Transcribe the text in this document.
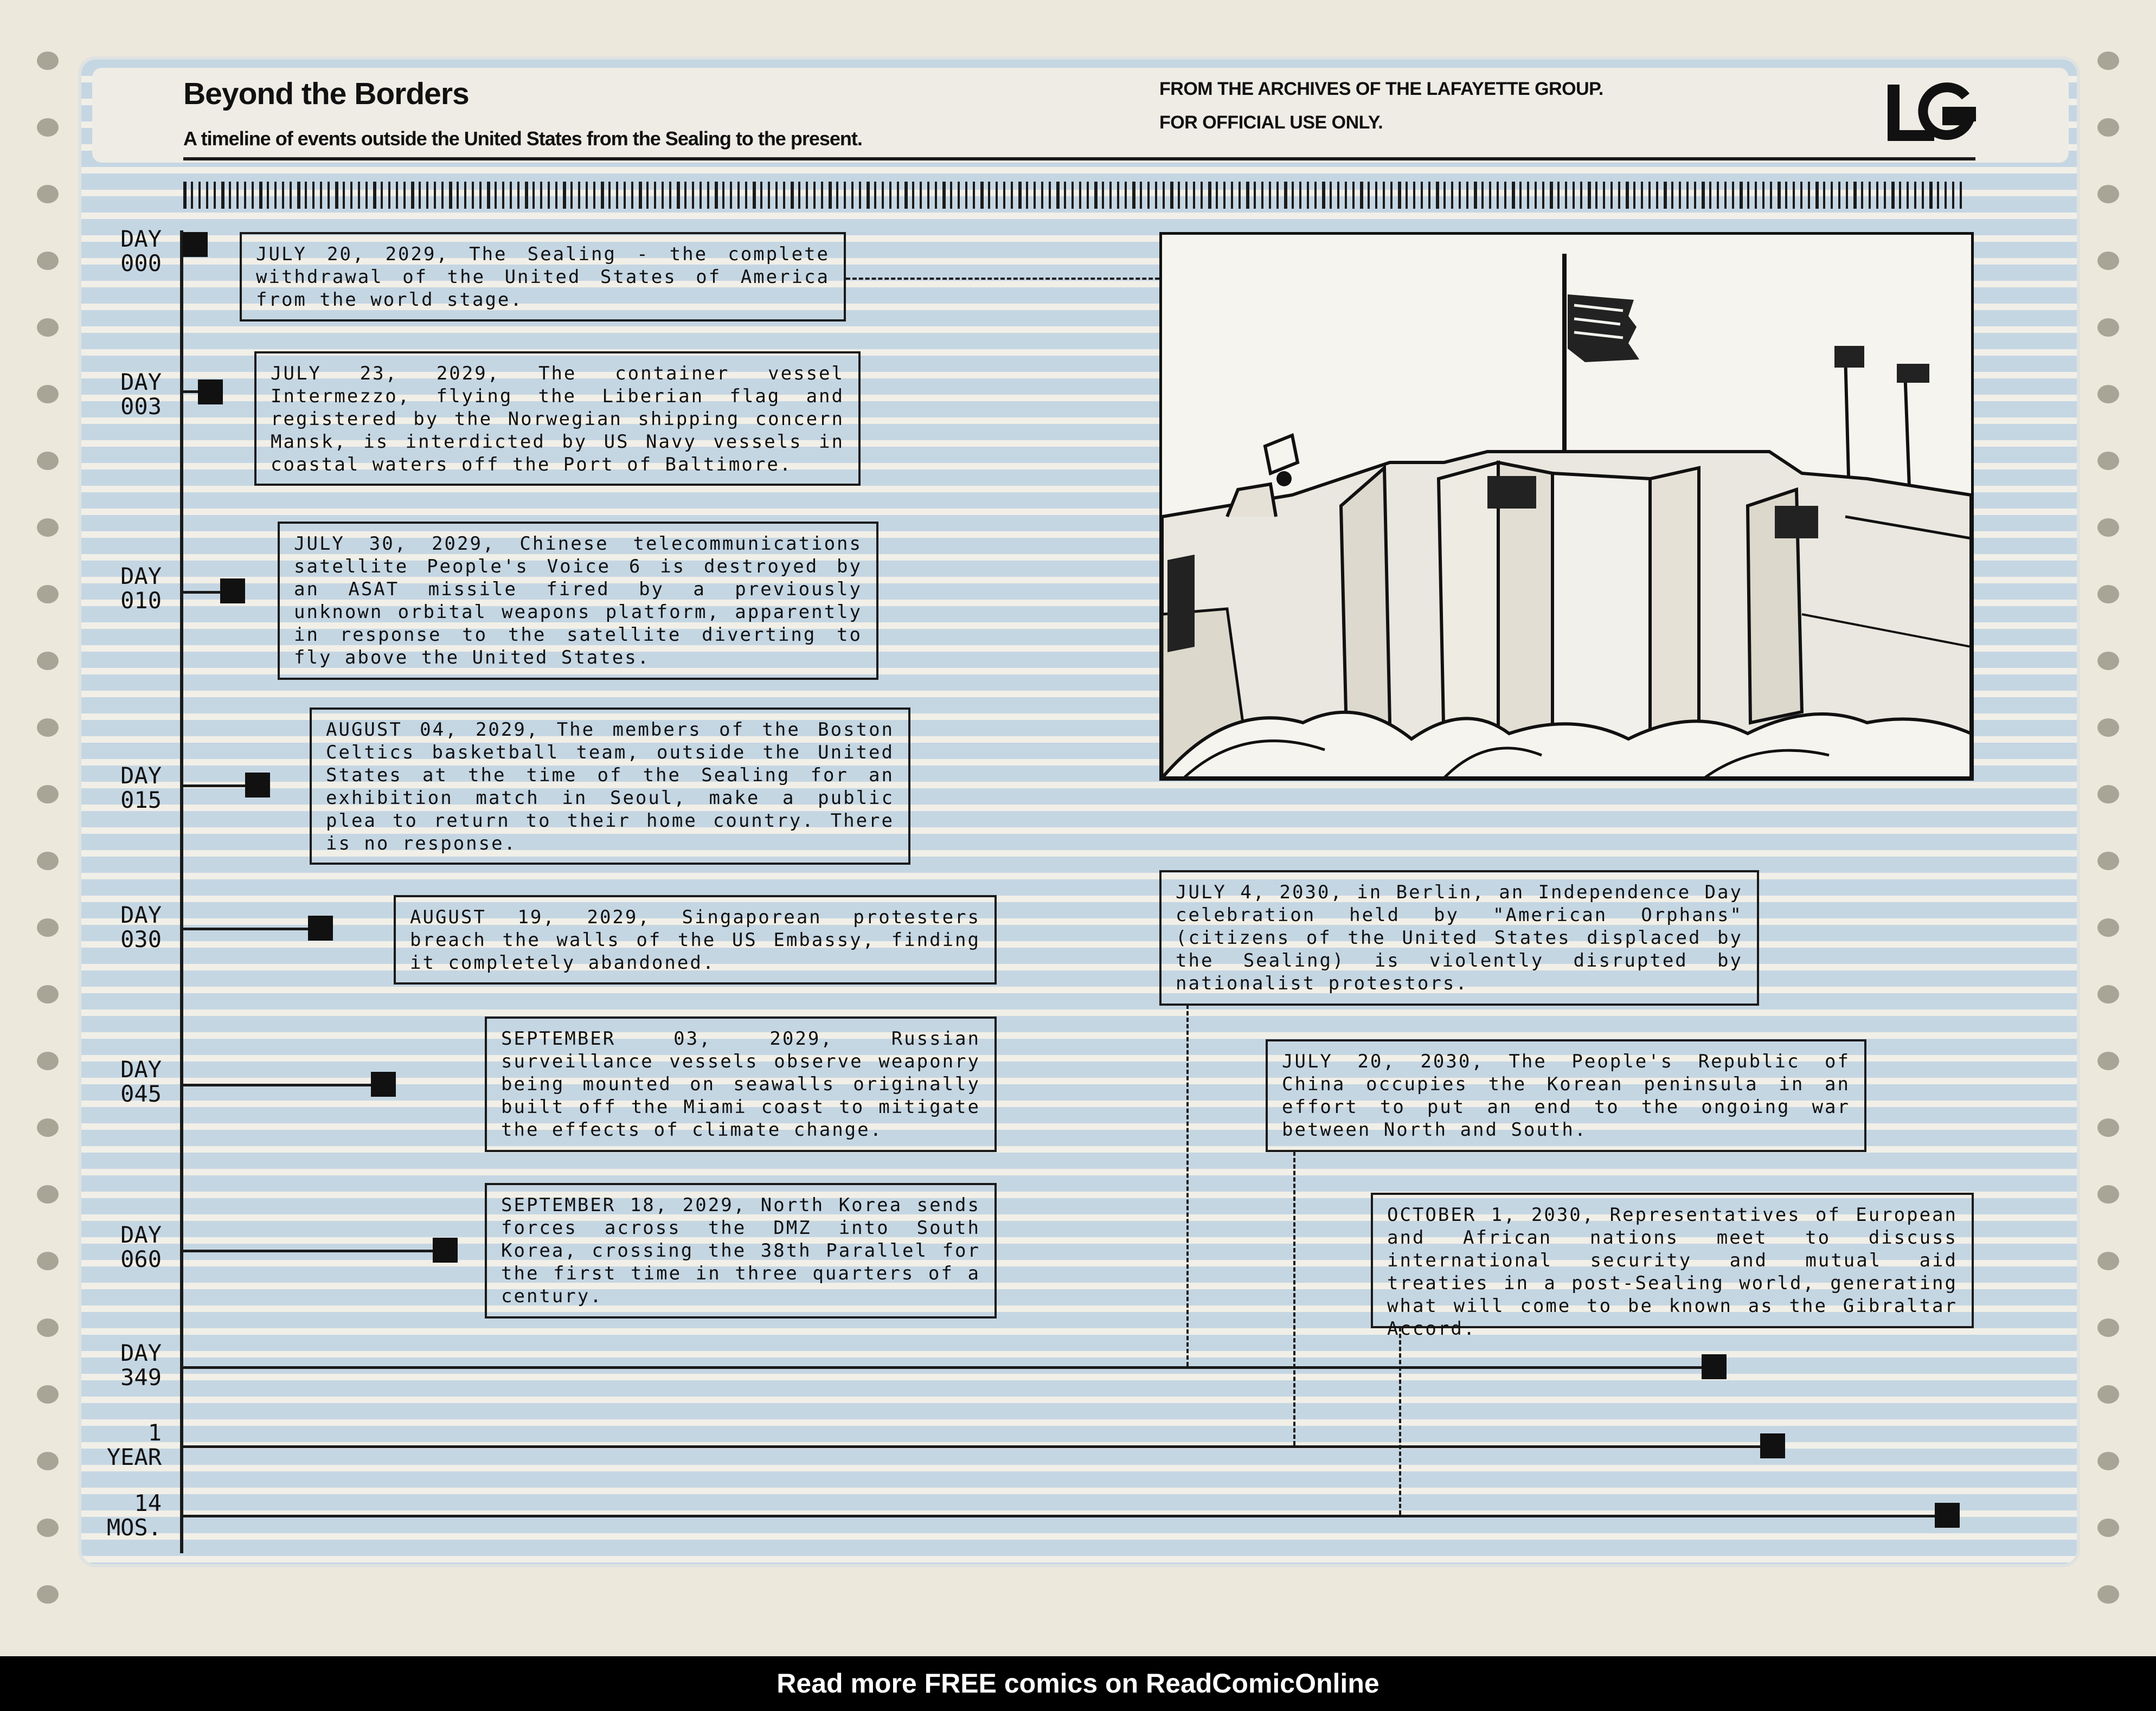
Beyond the Borders

A timeline of events outside the United States from the Sealing to the present.

FROM THE ARCHIVES OF THE LAFAYETTE GROUP.
FOR OFFICIAL USE ONLY.
DAY
000
DAY
003
DAY
010
DAY
015
DAY
030
DAY
045
DAY
060
DAY
349
1
YEAR
14
MOS.
JULY 20, 2029, The Sealing - the complete withdrawal of the United States of America from the world stage.
JULY 23, 2029, The container vessel Intermezzo, flying the Liberian flag and registered by the Norwegian shipping concern Mansk, is interdicted by US Navy vessels in coastal waters off the Port of Baltimore.
JULY 30, 2029, Chinese telecommunications satellite People's Voice 6 is destroyed by an ASAT missile fired by a previously unknown orbital weapons platform, apparently in response to the satellite diverting to fly above the United States.
AUGUST 04, 2029, The members of the Boston Celtics basketball team, outside the United States at the time of the Sealing for an exhibition match in Seoul, make a public plea to return to their home country. There is no response.
AUGUST 19, 2029, Singaporean protesters breach the walls of the US Embassy, finding it completely abandoned.
SEPTEMBER 03, 2029,	Russian surveillance vessels observe weaponry being mounted on seawalls originally built off the Miami coast to mitigate the effects of climate change.
SEPTEMBER 18, 2029, North Korea sends forces across the DMZ into South Korea, crossing the 38th Parallel for the first time in three quarters of a century.
JULY 4, 2030, in Berlin, an Independence Day celebration held by "American Orphans" (citizens of the United States displaced by the Sealing) is violently disrupted by nationalist protestors.
JULY 20, 2030, The People's Republic of China occupies the Korean peninsula in an effort to put an end to the ongoing war between North and South.
OCTOBER 1, 2030, Representatives of European and African nations meet to discuss international security and mutual aid treaties in a post-Sealing world, generating what will come to be known as the Gibraltar Accord.
Read more FREE comics on ReadComicOnline
